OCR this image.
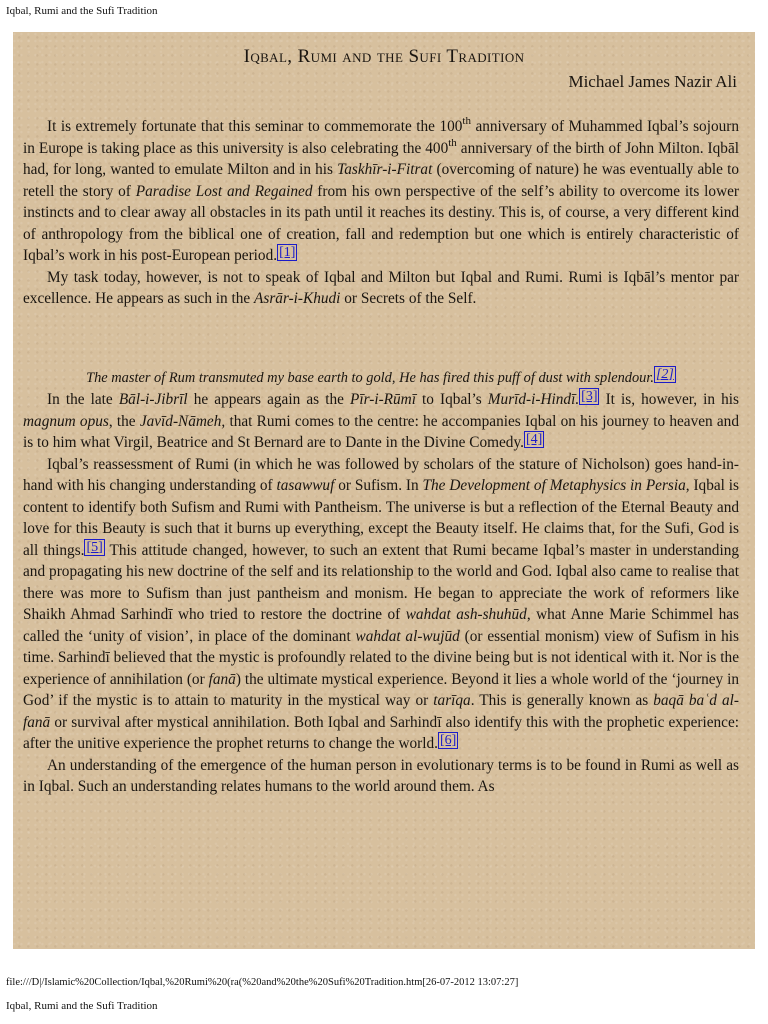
Iqbal, Rumi and the Sufi Tradition
Iqbal, Rumi and the Sufi Tradition
Michael James Nazir Ali

It is extremely fortunate that this seminar to commemorate the 100th anniversary of Muhammed Iqbal’s sojourn in Europe is taking place as this university is also celebrating the 400th anniversary of the birth of John Milton. Iqbāl had, for long, wanted to emulate Milton and in his Taskhīr-i-Fitrat (overcoming of nature) he was eventually able to retell the story of Paradise Lost and Regained from his own perspective of the self’s ability to overcome its lower instincts and to clear away all obstacles in its path until it reaches its destiny. This is, of course, a very different kind of anthropology from the biblical one of creation, fall and redemption but one which is entirely characteristic of Iqbal’s work in his post-European period. [1]

My task today, however, is not to speak of Iqbal and Milton but Iqbal and Rumi. Rumi is Iqbāl’s mentor par excellence. He appears as such in the Asrār-i-Khudi or Secrets of the Self.

The master of Rum transmuted my base earth to gold, He has fired this puff of dust with splendour. [2]

In the late Bāl-i-Jibrīl he appears again as the Pīr-i-Rūmī to Iqbal’s Murīd-i-Hindī. [3] It is, however, in his magnum opus, the Javīd-Nāmeh, that Rumi comes to the centre: he accompanies Iqbal on his journey to heaven and is to him what Virgil, Beatrice and St Bernard are to Dante in the Divine Comedy. [4]

Iqbal’s reassessment of Rumi (in which he was followed by scholars of the stature of Nicholson) goes hand-in-hand with his changing understanding of tasawwuf or Sufism. In The Development of Metaphysics in Persia, Iqbal is content to identify both Sufism and Rumi with Pantheism. The universe is but a reflection of the Eternal Beauty and love for this Beauty is such that it burns up everything, except the Beauty itself. He claims that, for the Sufi, God is all things. [5] This attitude changed, however, to such an extent that Rumi became Iqbal’s master in understanding and propagating his new doctrine of the self and its relationship to the world and God. Iqbal also came to realise that there was more to Sufism than just pantheism and monism. He began to appreciate the work of reformers like Shaikh Ahmad Sarhindī who tried to restore the doctrine of wahdat ash-shuhūd, what Anne Marie Schimmel has called the ‘unity of vision’, in place of the dominant wahdat al-wujūd (or essential monism) view of Sufism in his time. Sarhindī believed that the mystic is profoundly related to the divine being but is not identical with it. Nor is the experience of annihilation (or fanā) the ultimate mystical experience. Beyond it lies a whole world of the ‘journey in God’ if the mystic is to attain to maturity in the mystical way or tarīqa. This is generally known as baqā baʿd al-fanā or survival after mystical annihilation. Both Iqbal and Sarhindī also identify this with the prophetic experience: after the unitive experience the prophet returns to change the world. [6]

An understanding of the emergence of the human person in evolutionary terms is to be found in Rumi as well as in Iqbal. Such an understanding relates humans to the world around them. As

file:///D|/Islamic%20Collection/Iqbal,%20Rumi%20(ra(%20and%20the%20Sufi%20Tradition.htm[26-07-2012 13:07:27]
Iqbal, Rumi and the Sufi Tradition
